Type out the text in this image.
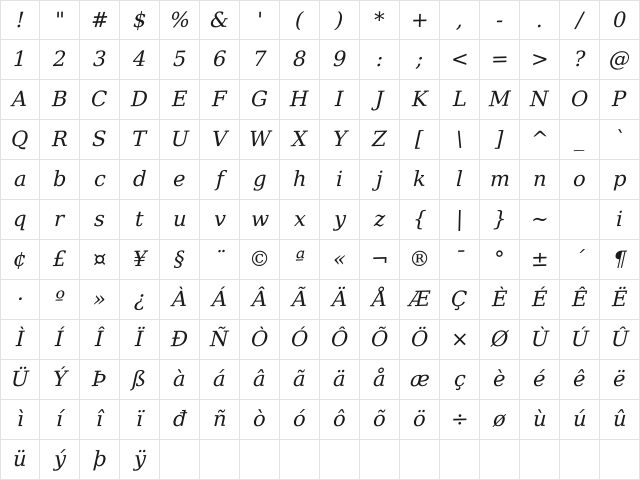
! " # $ % & ' ( ) * + , - . / 0
1 2 3 4 5 6 7 8 9 : ; < = > ? @
A B C D E F G H I J K L M N O P
Q R S T U V W X Y Z [ \ ] ^ _ `
a b c d e f g h i j k l m n o p
q r s t u v w x y z { | } ~	i
¢ £ ¤ ¥ § ¨ © ª « ¬ ® ¯ ° ± ´ ¶
· º » ¿ À Á Â Ã Ä Å Æ Ç È É Ê Ë
Ì Í Î Ï Ð Ñ Ò Ó Ô Õ Ö × Ø Ù Ú Û
Ü Ý Þ ß à á â ã ä å æ ç è é ê ë
ì í î ï đ ñ ò ó ô õ ö ÷ ø ù ú û
ü ý þ ÿ
